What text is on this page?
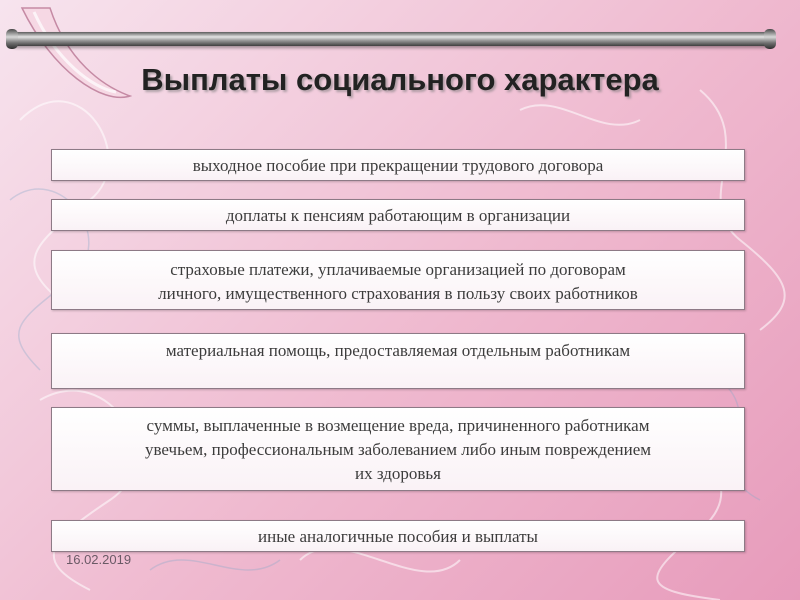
Выплаты социального характера
выходное пособие при прекращении трудового договора
доплаты к пенсиям работающим в организации
страховые платежи, уплачиваемые организацией по договорам
личного, имущественного страхования в пользу своих работников
материальная помощь, предоставляемая отдельным работникам
суммы, выплаченные в возмещение вреда, причиненного работникам
увечьем, профессиональным заболеванием либо иным повреждением
их здоровья
иные аналогичные пособия и выплаты
16.02.2019
